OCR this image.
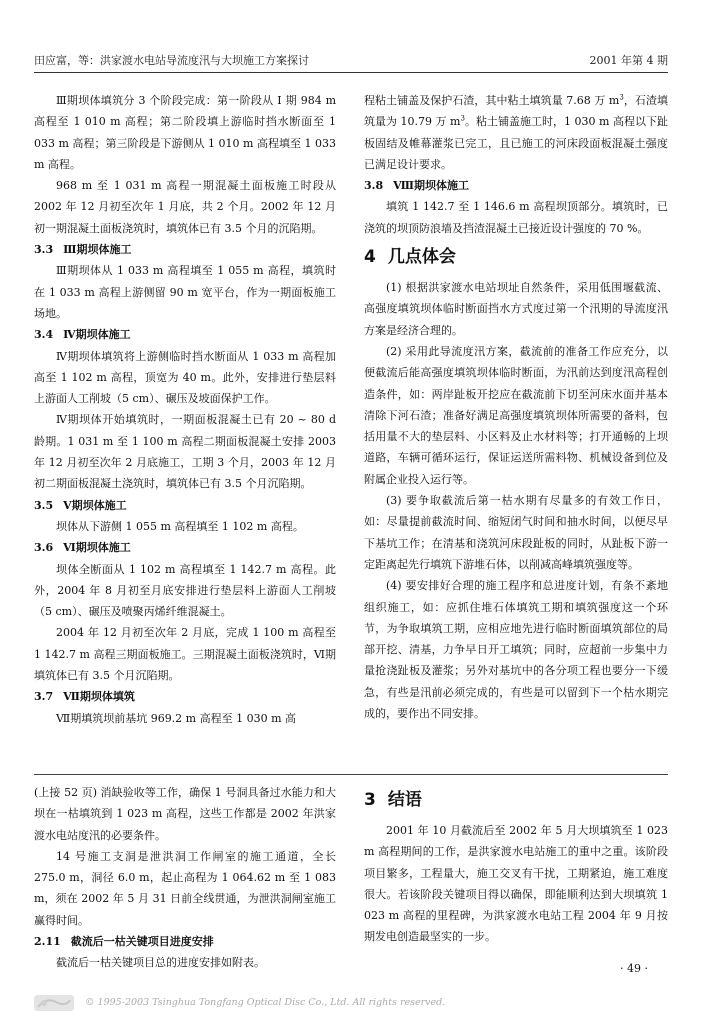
田应富，等：洪家渡水电站导流度汛与大坝施工方案探讨	2001 年第 4 期

Ⅲ期坝体填筑分 3 个阶段完成：第一阶段从 Ⅰ 期 984 m 高程至 1 010 m 高程；第二阶段填上游临时挡水断面至 1 033 m 高程；第三阶段是下游侧从 1 010 m 高程填至 1 033 m 高程。

968 m 至 1 031 m 高程一期混凝土面板施工时段从 2002 年 12 月初至次年 1 月底，共 2 个月。2002 年 12 月初一期混凝土面板浇筑时，填筑体已有 3.5 个月的沉陷期。

3.3 Ⅲ期坝体施工

Ⅲ期坝体从 1 033 m 高程填至 1 055 m 高程，填筑时在 1 033 m 高程上游侧留 90 m 宽平台，作为一期面板施工场地。

3.4 Ⅳ期坝体施工

Ⅳ期坝体填筑将上游侧临时挡水断面从 1 033 m 高程加高至 1 102 m 高程，顶宽为 40 m。此外，安排进行垫层料上游面人工削坡（5 cm）、碾压及坡面保护工作。

Ⅳ期坝体开始填筑时，一期面板混凝土已有 20 ~ 80 d 龄期。1 031 m 至 1 100 m 高程二期面板混凝土安排 2003 年 12 月初至次年 2 月底施工，工期 3 个月，2003 年 12 月初二期面板混凝土浇筑时，填筑体已有 3.5 个月沉陷期。

3.5 Ⅴ期坝体施工

坝体从下游侧 1 055 m 高程填至 1 102 m 高程。

3.6 Ⅵ期坝体施工

坝体全断面从 1 102 m 高程填至 1 142.7 m 高程。此外，2004 年 8 月初至月底安排进行垫层料上游面人工削坡（5 cm）、碾压及喷聚丙烯纤维混凝土。

2004 年 12 月初至次年 2 月底，完成 1 100 m 高程至 1 142.7 m 高程三期面板施工。三期混凝土面板浇筑时，Ⅵ期填筑体已有 3.5 个月沉陷期。

3.7 Ⅶ期坝体填筑

Ⅶ期填筑坝前基坑 969.2 m 高程至 1 030 m 高

程粘土铺盖及保护石渣，其中粘土填筑量 7.68 万 $m^3$，石渣填筑量为 10.79 万 $m^3$。粘土铺盖施工时，1 030 m 高程以下趾板固结及帷幕灌浆已完工，且已施工的河床段面板混凝土强度已满足设计要求。

3.8 Ⅷ期坝体施工

填筑 1 142.7 至 1 146.6 m 高程坝顶部分。填筑时，已浇筑的坝顶防浪墙及挡渣混凝土已接近设计强度的 70 %。

4 几点体会

(1) 根据洪家渡水电站坝址自然条件，采用低围堰截流、高强度填筑坝体临时断面挡水方式度过第一个汛期的导流度汛方案是经济合理的。

(2) 采用此导流度汛方案，截流前的准备工作应充分，以便截流后能高强度填筑坝体临时断面，为汛前达到度汛高程创造条件，如：两岸趾板开挖应在截流前下切至河床水面并基本清除下河石渣；准备好满足高强度填筑坝体所需要的备料，包括用量不大的垫层料、小区料及止水材料等；打开通畅的上坝道路，车辆可循环运行，保证运送所需料物、机械设备到位及附属企业投入运行等。

(3) 要争取截流后第一枯水期有尽量多的有效工作日，如：尽量提前截流时间、缩短闭气时间和抽水时间，以便尽早下基坑工作；在清基和浇筑河床段趾板的同时，从趾板下游一定距离起先行填筑下游堆石体，以削减高峰填筑强度等。

(4) 要安排好合理的施工程序和总进度计划，有条不紊地组织施工，如：应抓住堆石体填筑工期和填筑强度这一个环节，为争取填筑工期，应相应地先进行临时断面填筑部位的局部开挖、清基，力争早日开工填筑；同时，应超前一步集中力量抢浇趾板及灌浆；另外对基坑中的各分项工程也要分一下缓急，有些是汛前必须完成的，有些是可以留到下一个枯水期完成的，要作出不同安排。

(上接 52 页) 消缺验收等工作，确保 1 号洞具备过水能力和大坝在一枯填筑到 1 023 m 高程，这些工作都是 2002 年洪家渡水电站度汛的必要条件。

14 号施工支洞是泄洪洞工作闸室的施工通道，全长 275.0 m，洞径 6.0 m，起止高程为 1 064.62 m 至 1 083 m，须在 2002 年 5 月 31 日前全线贯通，为泄洪洞闸室施工赢得时间。

2.11 截流后一枯关键项目进度安排

截流后一枯关键项目总的进度安排如附表。

3 结语

2001 年 10 月截流后至 2002 年 5 月大坝填筑至 1 023 m 高程期间的工作，是洪家渡水电站施工的重中之重。该阶段项目繁多，工程量大，施工交叉有干扰，工期紧迫，施工难度很大。若该阶段关键项目得以确保，即能顺利达到大坝填筑 1 023 m 高程的里程碑，为洪家渡水电站工程 2004 年 9 月按期发电创造最坚实的一步。

· 49 ·
© 1995-2003 Tsinghua Tongfang Optical Disc Co., Ltd. All rights reserved.
